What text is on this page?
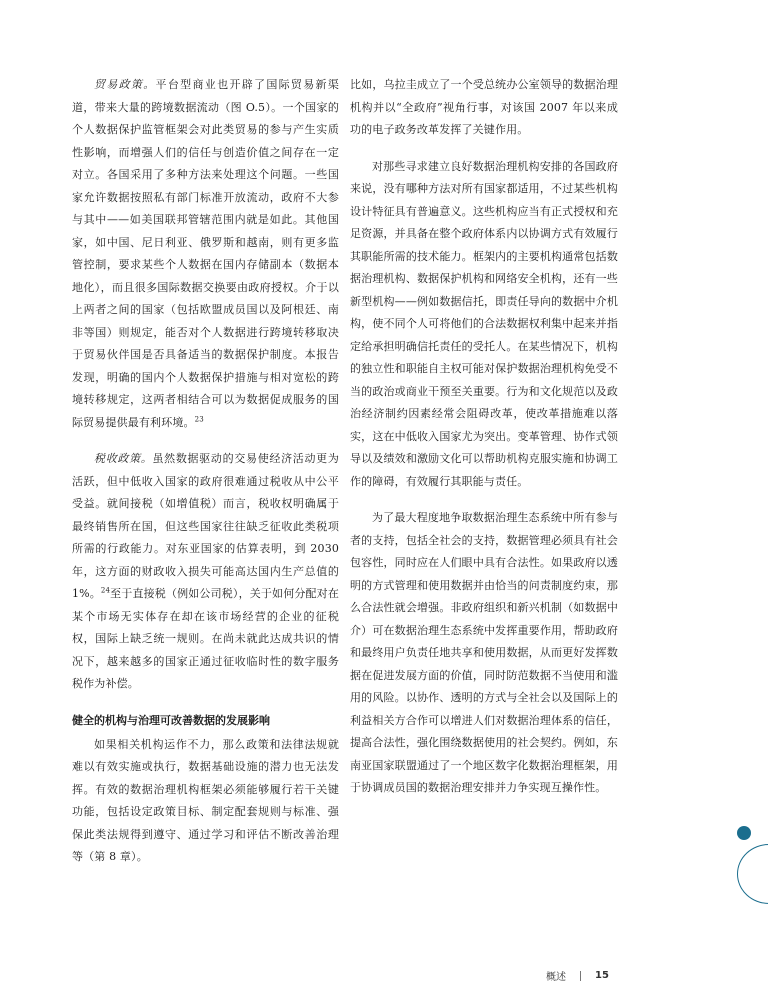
贸易政策。平台型商业也开辟了国际贸易新渠道，带来大量的跨境数据流动（图 O.5）。一个国家的个人数据保护监管框架会对此类贸易的参与产生实质性影响，而增强人们的信任与创造价值之间存在一定对立。各国采用了多种方法来处理这个问题。一些国家允许数据按照私有部门标准开放流动，政府不大参与其中——如美国联邦管辖范围内就是如此。其他国家，如中国、尼日利亚、俄罗斯和越南，则有更多监管控制，要求某些个人数据在国内存储副本（数据本地化），而且很多国际数据交换要由政府授权。介于以上两者之间的国家（包括欧盟成员国以及阿根廷、南非等国）则规定，能否对个人数据进行跨境转移取决于贸易伙伴国是否具备适当的数据保护制度。本报告发现，明确的国内个人数据保护措施与相对宽松的跨境转移规定，这两者相结合可以为数据促成服务的国际贸易提供最有利环境。$^{23}$

税收政策。虽然数据驱动的交易使经济活动更为活跃，但中低收入国家的政府很难通过税收从中公平受益。就间接税（如增值税）而言，税收权明确属于最终销售所在国，但这些国家往往缺乏征收此类税项所需的行政能力。对东亚国家的估算表明，到 2030 年，这方面的财政收入损失可能高达国内生产总值的 1%。$^{24}$至于直接税（例如公司税），关于如何分配对在某个市场无实体存在却在该市场经营的企业的征税权，国际上缺乏统一规则。在尚未就此达成共识的情况下，越来越多的国家正通过征收临时性的数字服务税作为补偿。

健全的机构与治理可改善数据的发展影响

如果相关机构运作不力，那么政策和法律法规就难以有效实施或执行，数据基础设施的潜力也无法发挥。有效的数据治理机构框架必须能够履行若干关键功能，包括设定政策目标、制定配套规则与标准、强保此类法规得到遵守、通过学习和评估不断改善治理等（第 8 章）。

比如，乌拉圭成立了一个受总统办公室领导的数据治理机构并以“全政府”视角行事，对该国 2007 年以来成功的电子政务改革发挥了关键作用。

对那些寻求建立良好数据治理机构安排的各国政府来说，没有哪种方法对所有国家都适用，不过某些机构设计特征具有普遍意义。这些机构应当有正式授权和充足资源，并具备在整个政府体系内以协调方式有效履行其职能所需的技术能力。框架内的主要机构通常包括数据治理机构、数据保护机构和网络安全机构，还有一些新型机构——例如数据信托，即责任导向的数据中介机构，使不同个人可将他们的合法数据权利集中起来并指定给承担明确信托责任的受托人。在某些情况下，机构的独立性和职能自主权可能对保护数据治理机构免受不当的政治或商业干预至关重要。行为和文化规范以及政治经济制约因素经常会阻碍改革，使改革措施难以落实，这在中低收入国家尤为突出。变革管理、协作式领导以及绩效和激励文化可以帮助机构克服实施和协调工作的障碍，有效履行其职能与责任。

为了最大程度地争取数据治理生态系统中所有参与者的支持，包括全社会的支持，数据管理必须具有社会包容性，同时应在人们眼中具有合法性。如果政府以透明的方式管理和使用数据并由恰当的问责制度约束，那么合法性就会增强。非政府组织和新兴机制（如数据中介）可在数据治理生态系统中发挥重要作用，帮助政府和最终用户负责任地共享和使用数据，从而更好发挥数据在促进发展方面的价值，同时防范数据不当使用和滥用的风险。以协作、透明的方式与全社会以及国际上的利益相关方合作可以增进人们对数据治理体系的信任，提高合法性，强化围绕数据使用的社会契约。例如，东南亚国家联盟通过了一个地区数字化数据治理框架，用于协调成员国的数据治理安排并力争实现互操作性。

概述	15
